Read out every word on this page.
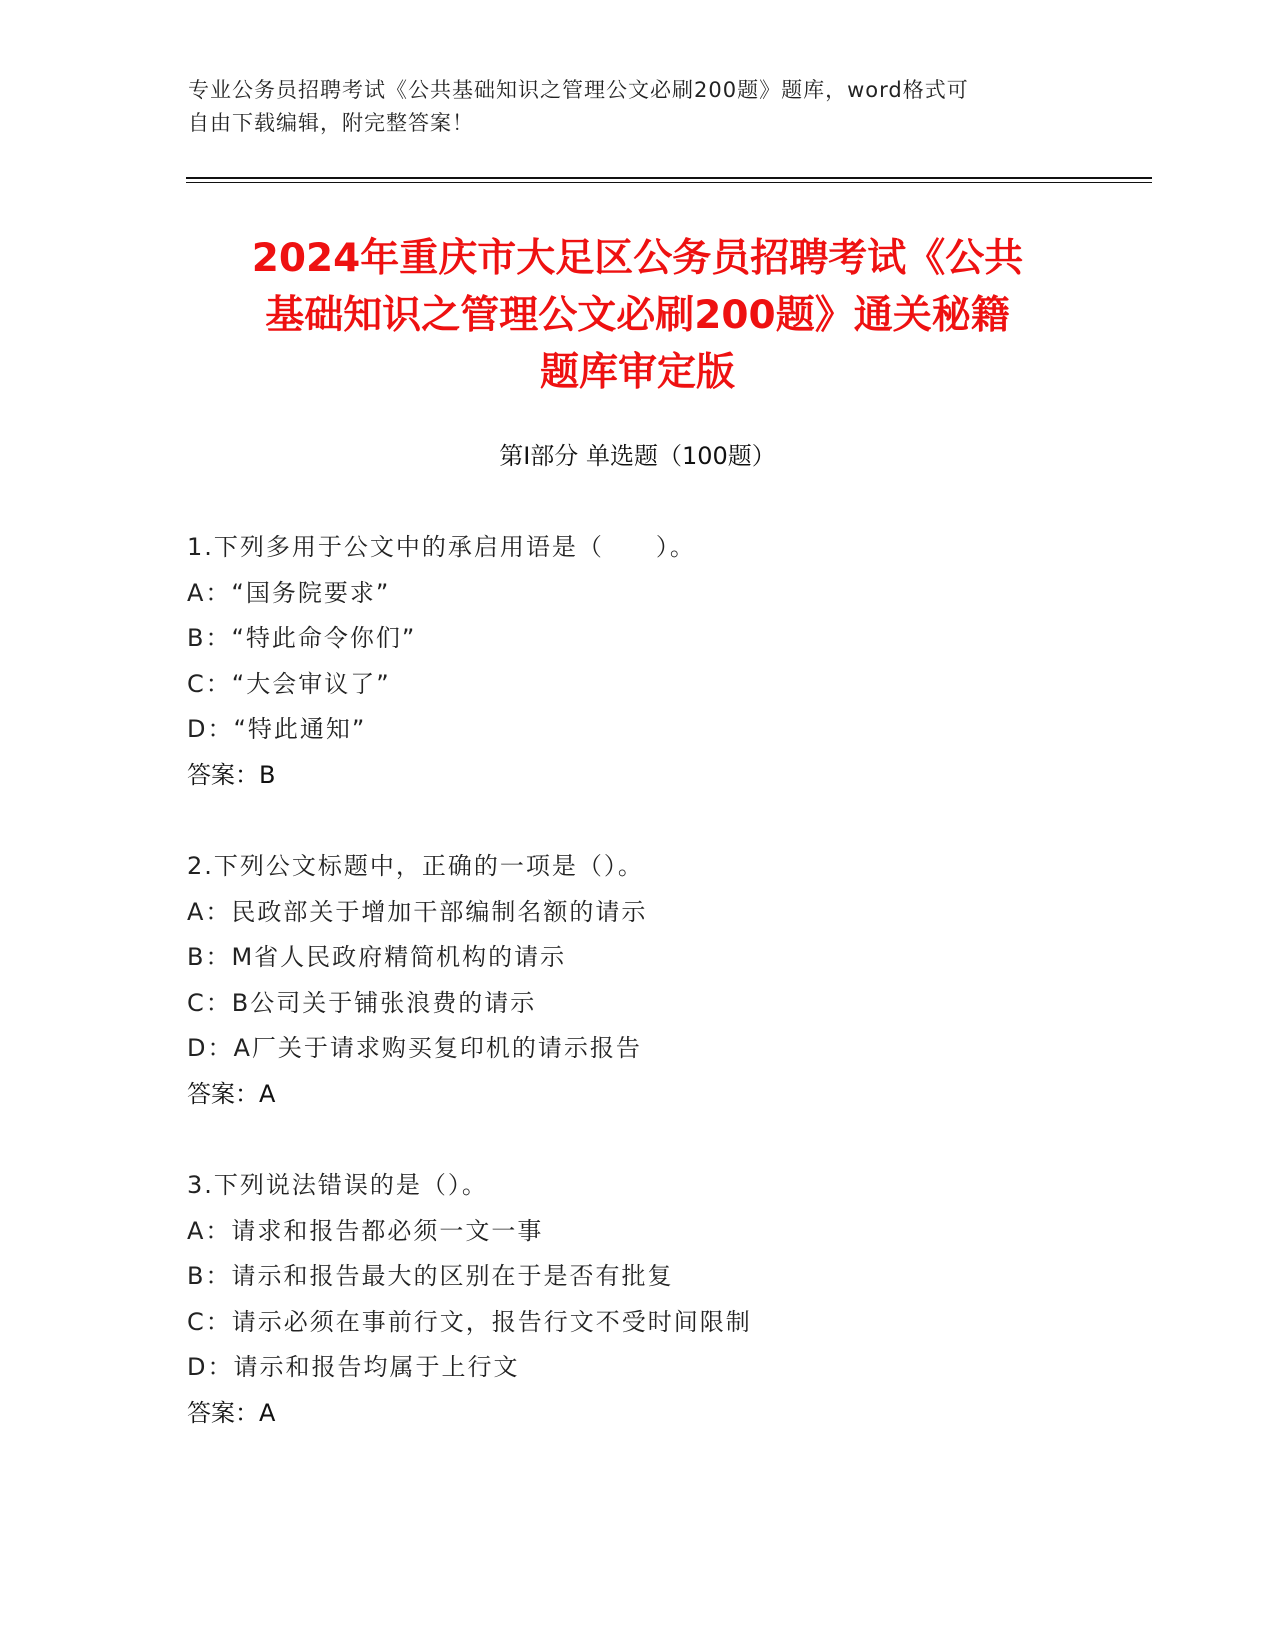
专业公务员招聘考试《公共基础知识之管理公文必刷200题》题库，word格式可
自由下载编辑，附完整答案！
2024年重庆市大足区公务员招聘考试《公共
基础知识之管理公文必刷200题》通关秘籍
题库审定版
第Ⅰ部分 单选题（100题）
1.下列多用于公文中的承启用语是（　　）。
A：“国务院要求”
B：“特此命令你们”
C：“大会审议了”
D：“特此通知”
答案：B
2.下列公文标题中，正确的一项是（）。
A：民政部关于增加干部编制名额的请示
B：M省人民政府精简机构的请示
C：B公司关于铺张浪费的请示
D：A厂关于请求购买复印机的请示报告
答案：A
3.下列说法错误的是（）。
A：请求和报告都必须一文一事
B：请示和报告最大的区别在于是否有批复
C：请示必须在事前行文，报告行文不受时间限制
D：请示和报告均属于上行文
答案：A
